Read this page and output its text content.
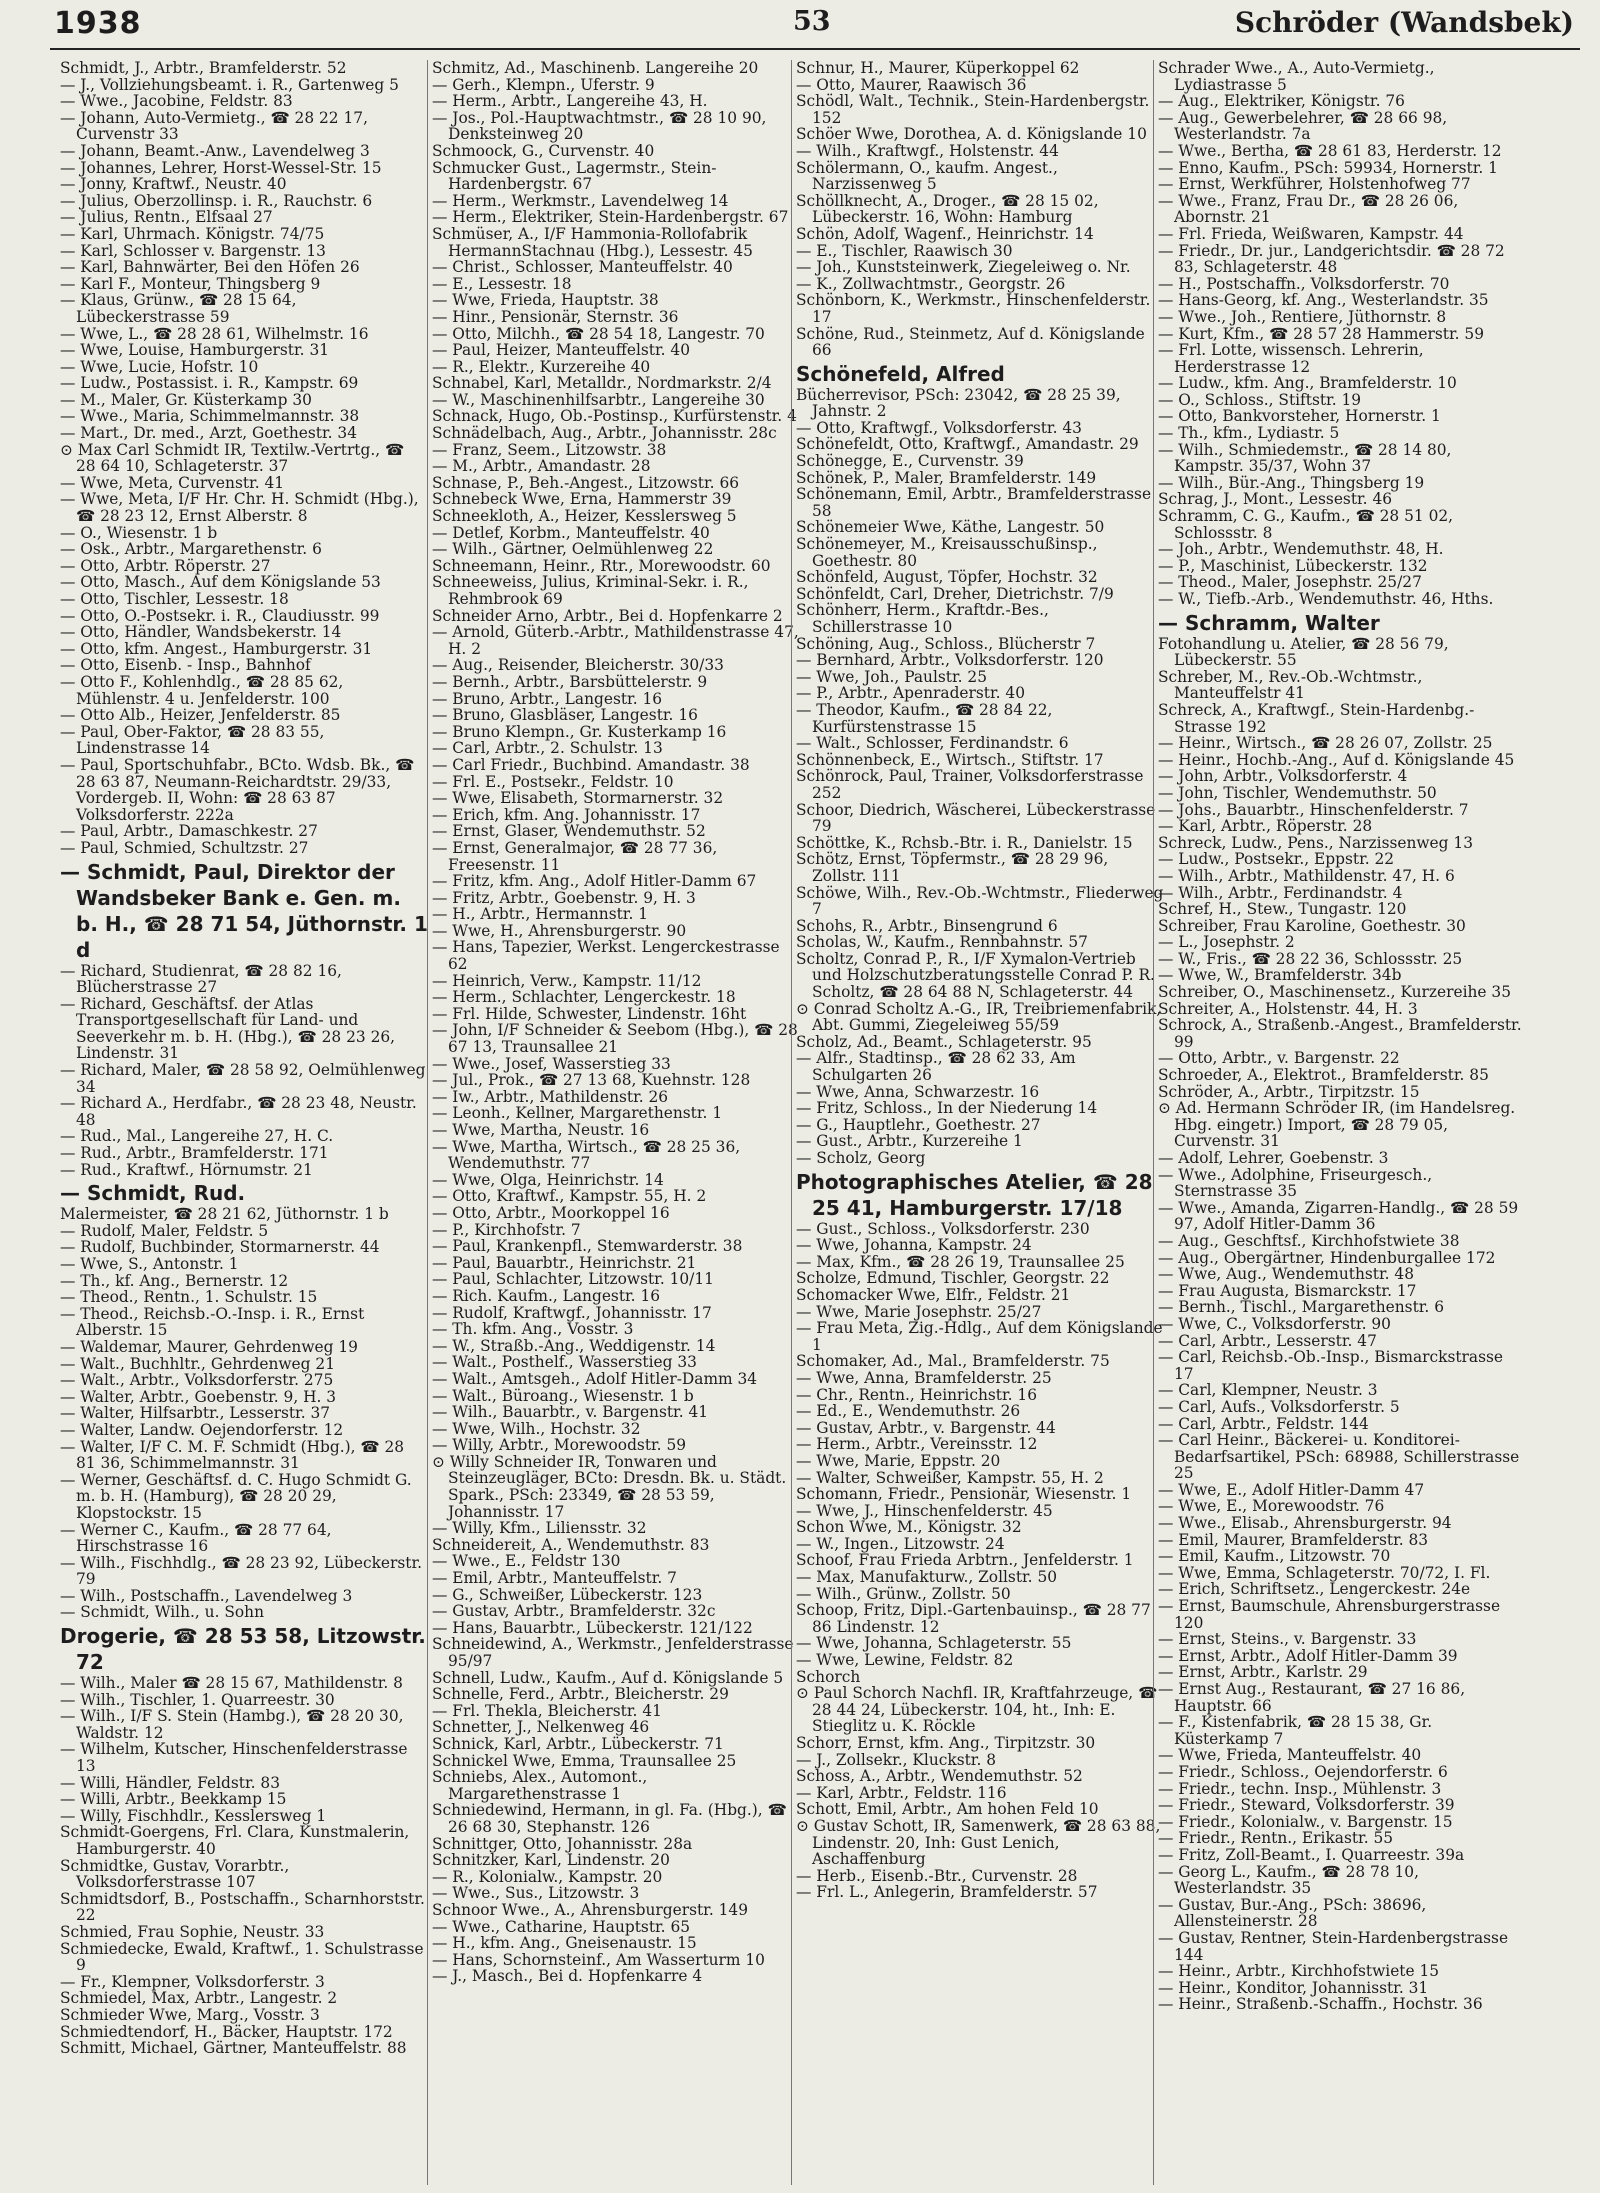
1938	53	Schröder (Wandsbek)
Schmidt, J., Arbtr., Bramfelderstr. 52
— J., Vollziehungsbeamt. i. R., Gartenweg 5
— Wwe., Jacobine, Feldstr. 83
— Johann, Auto-Vermietg., ☎ 28 22 17, Curvenstr 33
— Johann, Beamt.-Anw., Lavendelweg 3
— Johannes, Lehrer, Horst-Wessel-Str. 15
— Jonny, Kraftwf., Neustr. 40
— Julius, Oberzollinsp. i. R., Rauchstr. 6
— Julius, Rentn., Elfsaal 27
— Karl, Uhrmach. Königstr. 74/75
— Karl, Schlosser v. Bargenstr. 13
— Karl, Bahnwärter, Bei den Höfen 26
— Karl F., Monteur, Thingsberg 9
— Klaus, Grünw., ☎ 28 15 64, Lübeckerstrasse 59
— Wwe, L., ☎ 28 28 61, Wilhelmstr. 16
— Wwe, Louise, Hamburgerstr. 31
— Wwe, Lucie, Hofstr. 10
— Ludw., Postassist. i. R., Kampstr. 69
— M., Maler, Gr. Küsterkamp 30
— Wwe., Maria, Schimmelmannstr. 38
— Mart., Dr. med., Arzt, Goethestr. 34
⊙ Max Carl Schmidt IR, Textilw.-Vertrtg., ☎ 28 64 10, Schlageterstr. 37
— Wwe, Meta, Curvenstr. 41
— Wwe, Meta, I/F Hr. Chr. H. Schmidt (Hbg.), ☎ 28 23 12, Ernst Alberstr. 8
— O., Wiesenstr. 1 b
— Osk., Arbtr., Margarethenstr. 6
— Otto, Arbtr. Röperstr. 27
— Otto, Masch., Auf dem Königslande 53
— Otto, Tischler, Lessestr. 18
— Otto, O.-Postsekr. i. R., Claudiusstr. 99
— Otto, Händler, Wandsbekerstr. 14
— Otto, kfm. Angest., Hamburgerstr. 31
— Otto, Eisenb. - Insp., Bahnhof
— Otto F., Kohlenhdlg., ☎ 28 85 62, Mühlenstr. 4 u. Jenfelderstr. 100
— Otto Alb., Heizer, Jenfelderstr. 85
— Paul, Ober-Faktor, ☎ 28 83 55, Lindenstrasse 14
— Paul, Sportschuhfabr., BCto. Wdsb. Bk., ☎ 28 63 87, Neumann-Reichardtstr. 29/33, Vordergeb. II, Wohn: ☎ 28 63 87 Volksdorferstr. 222a
— Paul, Arbtr., Damaschkestr. 27
— Paul, Schmied, Schultzstr. 27
— Schmidt, Paul, Direktor der Wandsbeker Bank e. Gen. m. b. H., ☎ 28 71 54, Jüthornstr. 1 d
— Richard, Studienrat, ☎ 28 82 16, Blücherstrasse 27
— Richard, Geschäftsf. der Atlas Transportgesellschaft für Land- und Seeverkehr m. b. H. (Hbg.), ☎ 28 23 26, Lindenstr. 31
— Richard, Maler, ☎ 28 58 92, Oelmühlenweg 34
— Richard A., Herdfabr., ☎ 28 23 48, Neustr. 48
— Rud., Mal., Langereihe 27, H. C.
— Rud., Arbtr., Bramfelderstr. 171
— Rud., Kraftwf., Hörnumstr. 21
— Schmidt, Rud.
Malermeister, ☎ 28 21 62, Jüthornstr. 1 b
— Rudolf, Maler, Feldstr. 5
— Rudolf, Buchbinder, Stormarnerstr. 44
— Wwe, S., Antonstr. 1
— Th., kf. Ang., Bernerstr. 12
— Theod., Rentn., 1. Schulstr. 15
— Theod., Reichsb.-O.-Insp. i. R., Ernst Alberstr. 15
— Waldemar, Maurer, Gehrdenweg 19
— Walt., Buchhltr., Gehrdenweg 21
— Walt., Arbtr., Volksdorferstr. 275
— Walter, Arbtr., Goebenstr. 9, H. 3
— Walter, Hilfsarbtr., Lesserstr. 37
— Walter, Landw. Oejendorferstr. 12
— Walter, I/F C. M. F. Schmidt (Hbg.), ☎ 28 81 36, Schimmelmannstr. 31
— Werner, Geschäftsf. d. C. Hugo Schmidt G. m. b. H. (Hamburg), ☎ 28 20 29, Klopstockstr. 15
— Werner C., Kaufm., ☎ 28 77 64, Hirschstrasse 16
— Wilh., Fischhdlg., ☎ 28 23 92, Lübeckerstr. 79
— Wilh., Postschaffn., Lavendelweg 3
— Schmidt, Wilh., u. Sohn
Drogerie, ☎ 28 53 58, Litzowstr. 72
— Wilh., Maler ☎ 28 15 67, Mathildenstr. 8
— Wilh., Tischler, 1. Quarreestr. 30
— Wilh., I/F S. Stein (Hambg.), ☎ 28 20 30, Waldstr. 12
— Wilhelm, Kutscher, Hinschenfelderstrasse 13
— Willi, Händler, Feldstr. 83
— Willi, Arbtr., Beekkamp 15
— Willy, Fischhdlr., Kesslersweg 1
Schmidt-Goergens, Frl. Clara, Kunstmalerin, Hamburgerstr. 40
Schmidtke, Gustav, Vorarbtr., Volksdorferstrasse 107
Schmidtsdorf, B., Postschaffn., Scharnhorststr. 22
Schmied, Frau Sophie, Neustr. 33
Schmiedecke, Ewald, Kraftwf., 1. Schulstrasse 9
— Fr., Klempner, Volksdorferstr. 3
Schmiedel, Max, Arbtr., Langestr. 2
Schmieder Wwe, Marg., Vosstr. 3
Schmiedtendorf, H., Bäcker, Hauptstr. 172
Schmitt, Michael, Gärtner, Manteuffelstr. 88
Schmitz, Ad., Maschinenb. Langereihe 20
— Gerh., Klempn., Uferstr. 9
— Herm., Arbtr., Langereihe 43, H.
— Jos., Pol.-Hauptwachtmstr., ☎ 28 10 90, Denksteinweg 20
Schmoock, G., Curvenstr. 40
Schmucker Gust., Lagermstr., Stein-Hardenbergstr. 67
— Herm., Werkmstr., Lavendelweg 14
— Herm., Elektriker, Stein-Hardenbergstr. 67
Schmüser, A., I/F Hammonia-Rollofabrik HermannStachnau (Hbg.), Lessestr. 45
— Christ., Schlosser, Manteuffelstr. 40
— E., Lessestr. 18
— Wwe, Frieda, Hauptstr. 38
— Hinr., Pensionär, Sternstr. 36
— Otto, Milchh., ☎ 28 54 18, Langestr. 70
— Paul, Heizer, Manteuffelstr. 40
— R., Elektr., Kurzereihe 40
Schnabel, Karl, Metalldr., Nordmarkstr. 2/4
— W., Maschinenhilfsarbtr., Langereihe 30
Schnack, Hugo, Ob.-Postinsp., Kurfürstenstr. 4
Schnädelbach, Aug., Arbtr., Johannisstr. 28c
— Franz, Seem., Litzowstr. 38
— M., Arbtr., Amandastr. 28
Schnase, P., Beh.-Angest., Litzowstr. 66
Schnebeck Wwe, Erna, Hammerstr 39
Schneekloth, A., Heizer, Kesslersweg 5
— Detlef, Korbm., Manteuffelstr. 40
— Wilh., Gärtner, Oelmühlenweg 22
Schneemann, Heinr., Rtr., Morewoodstr. 60
Schneeweiss, Julius, Kriminal-Sekr. i. R., Rehmbrook 69
Schneider Arno, Arbtr., Bei d. Hopfenkarre 2
— Arnold, Güterb.-Arbtr., Mathildenstrasse 47, H. 2
— Aug., Reisender, Bleicherstr. 30/33
— Bernh., Arbtr., Barsbüttelerstr. 9
— Bruno, Arbtr., Langestr. 16
— Bruno, Glasbläser, Langestr. 16
— Bruno Klempn., Gr. Kusterkamp 16
— Carl, Arbtr., 2. Schulstr. 13
— Carl Friedr., Buchbind. Amandastr. 38
— Frl. E., Postsekr., Feldstr. 10
— Wwe, Elisabeth, Stormarnerstr. 32
— Erich, kfm. Ang. Johannisstr. 17
— Ernst, Glaser, Wendemuthstr. 52
— Ernst, Generalmajor, ☎ 28 77 36, Freesenstr. 11
— Fritz, kfm. Ang., Adolf Hitler-Damm 67
— Fritz, Arbtr., Goebenstr. 9, H. 3
— H., Arbtr., Hermannstr. 1
— Wwe, H., Ahrensburgerstr. 90
— Hans, Tapezier, Werkst. Lengerckestrasse 62
— Heinrich, Verw., Kampstr. 11/12
— Herm., Schlachter, Lengerckestr. 18
— Frl. Hilde, Schwester, Lindenstr. 16ht
— John, I/F Schneider & Seebom (Hbg.), ☎ 28 67 13, Traunsallee 21
— Wwe., Josef, Wasserstieg 33
— Jul., Prok., ☎ 27 13 68, Kuehnstr. 128
— Iw., Arbtr., Mathildenstr. 26
— Leonh., Kellner, Margarethenstr. 1
— Wwe, Martha, Neustr. 16
— Wwe, Martha, Wirtsch., ☎ 28 25 36, Wendemuthstr. 77
— Wwe, Olga, Heinrichstr. 14
— Otto, Kraftwf., Kampstr. 55, H. 2
— Otto, Arbtr., Moorkoppel 16
— P., Kirchhofstr. 7
— Paul, Krankenpfl., Stemwarderstr. 38
— Paul, Bauarbtr., Heinrichstr. 21
— Paul, Schlachter, Litzowstr. 10/11
— Rich. Kaufm., Langestr. 16
— Rudolf, Kraftwgf., Johannisstr. 17
— Th. kfm. Ang., Vosstr. 3
— W., Straßb.-Ang., Weddigenstr. 14
— Walt., Posthelf., Wasserstieg 33
— Walt., Amtsgeh., Adolf Hitler-Damm 34
— Walt., Büroang., Wiesenstr. 1 b
— Wilh., Bauarbtr., v. Bargenstr. 41
— Wwe, Wilh., Hochstr. 32
— Willy, Arbtr., Morewoodstr. 59
⊙ Willy Schneider IR, Tonwaren und Steinzeugläger, BCto: Dresdn. Bk. u. Städt. Spark., PSch: 23349, ☎ 28 53 59, Johannisstr. 17
— Willy, Kfm., Liliensstr. 32
Schneidereit, A., Wendemuthstr. 83
— Wwe., E., Feldstr 130
— Emil, Arbtr., Manteuffelstr. 7
— G., Schweißer, Lübeckerstr. 123
— Gustav, Arbtr., Bramfelderstr. 32c
— Hans, Bauarbtr., Lübeckerstr. 121/122
Schneidewind, A., Werkmstr., Jenfelderstrasse 95/97
Schnell, Ludw., Kaufm., Auf d. Königslande 5
Schnelle, Ferd., Arbtr., Bleicherstr. 29
— Frl. Thekla, Bleicherstr. 41
Schnetter, J., Nelkenweg 46
Schnick, Karl, Arbtr., Lübeckerstr. 71
Schnickel Wwe, Emma, Traunsallee 25
Schniebs, Alex., Automont., Margarethenstrasse 1
Schniedewind, Hermann, in gl. Fa. (Hbg.), ☎ 26 68 30, Stephanstr. 126
Schnittger, Otto, Johannisstr. 28a
Schnitzker, Karl, Lindenstr. 20
— R., Kolonialw., Kampstr. 20
— Wwe., Sus., Litzowstr. 3
Schnoor Wwe., A., Ahrensburgerstr. 149
— Wwe., Catharine, Hauptstr. 65
— H., kfm. Ang., Gneisenaustr. 15
— Hans, Schornsteinf., Am Wasserturm 10
— J., Masch., Bei d. Hopfenkarre 4
Schnur, H., Maurer, Küperkoppel 62
— Otto, Maurer, Raawisch 36
Schödl, Walt., Technik., Stein-Hardenbergstr. 152
Schöer Wwe, Dorothea, A. d. Königslande 10
— Wilh., Kraftwgf., Holstenstr. 44
Schölermann, O., kaufm. Angest., Narzissenweg 5
Schöllknecht, A., Droger., ☎ 28 15 02, Lübeckerstr. 16, Wohn: Hamburg
Schön, Adolf, Wagenf., Heinrichstr. 14
— E., Tischler, Raawisch 30
— Joh., Kunststeinwerk, Ziegeleiweg o. Nr.
— K., Zollwachtmstr., Georgstr. 26
Schönborn, K., Werkmstr., Hinschenfelderstr. 17
Schöne, Rud., Steinmetz, Auf d. Königslande 66
Schönefeld, Alfred
Bücherrevisor, PSch: 23042, ☎ 28 25 39, Jahnstr. 2
— Otto, Kraftwgf., Volksdorferstr. 43
Schönefeldt, Otto, Kraftwgf., Amandastr. 29
Schönegge, E., Curvenstr. 39
Schönek, P., Maler, Bramfelderstr. 149
Schönemann, Emil, Arbtr., Bramfelderstrasse 58
Schönemeier Wwe, Käthe, Langestr. 50
Schönemeyer, M., Kreisausschußinsp., Goethestr. 80
Schönfeld, August, Töpfer, Hochstr. 32
Schönfeldt, Carl, Dreher, Dietrichstr. 7/9
Schönherr, Herm., Kraftdr.-Bes., Schillerstrasse 10
Schöning, Aug., Schloss., Blücherstr 7
— Bernhard, Arbtr., Volksdorferstr. 120
— Wwe, Joh., Paulstr. 25
— P., Arbtr., Apenraderstr. 40
— Theodor, Kaufm., ☎ 28 84 22, Kurfürstenstrasse 15
— Walt., Schlosser, Ferdinandstr. 6
Schönnenbeck, E., Wirtsch., Stiftstr. 17
Schönrock, Paul, Trainer, Volksdorferstrasse 252
Schoor, Diedrich, Wäscherei, Lübeckerstrasse 79
Schöttke, K., Rchsb.-Btr. i. R., Danielstr. 15
Schötz, Ernst, Töpfermstr., ☎ 28 29 96, Zollstr. 111
Schöwe, Wilh., Rev.-Ob.-Wchtmstr., Fliederweg 7
Schohs, R., Arbtr., Binsengrund 6
Scholas, W., Kaufm., Rennbahnstr. 57
Scholtz, Conrad P., R., I/F Xymalon-Vertrieb und Holzschutzberatungsstelle Conrad P. R. Scholtz, ☎ 28 64 88 N, Schlageterstr. 44
⊙ Conrad Scholtz A.-G., IR, Treibriemenfabrik, Abt. Gummi, Ziegeleiweg 55/59
Scholz, Ad., Beamt., Schlageterstr. 95
— Alfr., Stadtinsp., ☎ 28 62 33, Am Schulgarten 26
— Wwe, Anna, Schwarzestr. 16
— Fritz, Schloss., In der Niederung 14
— G., Hauptlehr., Goethestr. 27
— Gust., Arbtr., Kurzereihe 1
— Scholz, Georg
Photographisches Atelier, ☎ 28 25 41, Hamburgerstr. 17/18
— Gust., Schloss., Volksdorferstr. 230
— Wwe, Johanna, Kampstr. 24
— Max, Kfm., ☎ 28 26 19, Traunsallee 25
Scholze, Edmund, Tischler, Georgstr. 22
Schomacker Wwe, Elfr., Feldstr. 21
— Wwe, Marie Josephstr. 25/27
— Frau Meta, Zig.-Hdlg., Auf dem Königslande 1
Schomaker, Ad., Mal., Bramfelderstr. 75
— Wwe, Anna, Bramfelderstr. 25
— Chr., Rentn., Heinrichstr. 16
— Ed., E., Wendemuthstr. 26
— Gustav, Arbtr., v. Bargenstr. 44
— Herm., Arbtr., Vereinsstr. 12
— Wwe, Marie, Eppstr. 20
— Walter, Schweißer, Kampstr. 55, H. 2
Schomann, Friedr., Pensionär, Wiesenstr. 1
— Wwe, J., Hinschenfelderstr. 45
Schon Wwe, M., Königstr. 32
— W., Ingen., Litzowstr. 24
Schoof, Frau Frieda Arbtrn., Jenfelderstr. 1
— Max, Manufakturw., Zollstr. 50
— Wilh., Grünw., Zollstr. 50
Schoop, Fritz, Dipl.-Gartenbauinsp., ☎ 28 77 86 Lindenstr. 12
— Wwe, Johanna, Schlageterstr. 55
— Wwe, Lewine, Feldstr. 82
Schorch
⊙ Paul Schorch Nachfl. IR, Kraftfahrzeuge, ☎ 28 44 24, Lübeckerstr. 104, ht., Inh: E. Stieglitz u. K. Röckle
Schorr, Ernst, kfm. Ang., Tirpitzstr. 30
— J., Zollsekr., Kluckstr. 8
Schoss, A., Arbtr., Wendemuthstr. 52
— Karl, Arbtr., Feldstr. 116
Schott, Emil, Arbtr., Am hohen Feld 10
⊙ Gustav Schott, IR, Samenwerk, ☎ 28 63 88, Lindenstr. 20, Inh: Gust Lenich, Aschaffenburg
— Herb., Eisenb.-Btr., Curvenstr. 28
— Frl. L., Anlegerin, Bramfelderstr. 57
Schrader Wwe., A., Auto-Vermietg., Lydiastrasse 5
— Aug., Elektriker, Königstr. 76
— Aug., Gewerbelehrer, ☎ 28 66 98, Westerlandstr. 7a
— Wwe., Bertha, ☎ 28 61 83, Herderstr. 12
— Enno, Kaufm., PSch: 59934, Hornerstr. 1
— Ernst, Werkführer, Holstenhofweg 77
— Wwe., Franz, Frau Dr., ☎ 28 26 06, Abornstr. 21
— Frl. Frieda, Weißwaren, Kampstr. 44
— Friedr., Dr. jur., Landgerichtsdir. ☎ 28 72 83, Schlageterstr. 48
— H., Postschaffn., Volksdorferstr. 70
— Hans-Georg, kf. Ang., Westerlandstr. 35
— Wwe., Joh., Rentiere, Jüthornstr. 8
— Kurt, Kfm., ☎ 28 57 28 Hammerstr. 59
— Frl. Lotte, wissensch. Lehrerin, Herderstrasse 12
— Ludw., kfm. Ang., Bramfelderstr. 10
— O., Schloss., Stiftstr. 19
— Otto, Bankvorsteher, Hornerstr. 1
— Th., kfm., Lydiastr. 5
— Wilh., Schmiedemstr., ☎ 28 14 80, Kampstr. 35/37, Wohn 37
— Wilh., Bür.-Ang., Thingsberg 19
Schrag, J., Mont., Lessestr. 46
Schramm, C. G., Kaufm., ☎ 28 51 02, Schlossstr. 8
— Joh., Arbtr., Wendemuthstr. 48, H.
— P., Maschinist, Lübeckerstr. 132
— Theod., Maler, Josephstr. 25/27
— W., Tiefb.-Arb., Wendemuthstr. 46, Hths.
— Schramm, Walter
Fotohandlung u. Atelier, ☎ 28 56 79, Lübeckerstr. 55
Schreber, M., Rev.-Ob.-Wchtmstr., Manteuffelstr 41
Schreck, A., Kraftwgf., Stein-Hardenbg.-Strasse 192
— Heinr., Wirtsch., ☎ 28 26 07, Zollstr. 25
— Heinr., Hochb.-Ang., Auf d. Königslande 45
— John, Arbtr., Volksdorferstr. 4
— John, Tischler, Wendemuthstr. 50
— Johs., Bauarbtr., Hinschenfelderstr. 7
— Karl, Arbtr., Röperstr. 28
Schreck, Ludw., Pens., Narzissenweg 13
— Ludw., Postsekr., Eppstr. 22
— Wilh., Arbtr., Mathildenstr. 47, H. 6
— Wilh., Arbtr., Ferdinandstr. 4
Schref, H., Stew., Tungastr. 120
Schreiber, Frau Karoline, Goethestr. 30
— L., Josephstr. 2
— W., Fris., ☎ 28 22 36, Schlossstr. 25
— Wwe, W., Bramfelderstr. 34b
Schreiber, O., Maschinensetz., Kurzereihe 35
Schreiter, A., Holstenstr. 44, H. 3
Schrock, A., Straßenb.-Angest., Bramfelderstr. 99
— Otto, Arbtr., v. Bargenstr. 22
Schroeder, A., Elektrot., Bramfelderstr. 85
Schröder, A., Arbtr., Tirpitzstr. 15
⊙ Ad. Hermann Schröder IR, (im Handelsreg. Hbg. eingetr.) Import, ☎ 28 79 05, Curvenstr. 31
— Adolf, Lehrer, Goebenstr. 3
— Wwe., Adolphine, Friseurgesch., Sternstrasse 35
— Wwe., Amanda, Zigarren-Handlg., ☎ 28 59 97, Adolf Hitler-Damm 36
— Aug., Geschftsf., Kirchhofstwiete 38
— Aug., Obergärtner, Hindenburgallee 172
— Wwe, Aug., Wendemuthstr. 48
— Frau Augusta, Bismarckstr. 17
— Bernh., Tischl., Margarethenstr. 6
— Wwe, C., Volksdorferstr. 90
— Carl, Arbtr., Lesserstr. 47
— Carl, Reichsb.-Ob.-Insp., Bismarckstrasse 17
— Carl, Klempner, Neustr. 3
— Carl, Aufs., Volksdorferstr. 5
— Carl, Arbtr., Feldstr. 144
— Carl Heinr., Bäckerei- u. Konditorei-Bedarfsartikel, PSch: 68988, Schillerstrasse 25
— Wwe, E., Adolf Hitler-Damm 47
— Wwe, E., Morewoodstr. 76
— Wwe., Elisab., Ahrensburgerstr. 94
— Emil, Maurer, Bramfelderstr. 83
— Emil, Kaufm., Litzowstr. 70
— Wwe, Emma, Schlageterstr. 70/72, I. Fl.
— Erich, Schriftsetz., Lengerckestr. 24e
— Ernst, Baumschule, Ahrensburgerstrasse 120
— Ernst, Steins., v. Bargenstr. 33
— Ernst, Arbtr., Adolf Hitler-Damm 39
— Ernst, Arbtr., Karlstr. 29
— Ernst Aug., Restaurant, ☎ 27 16 86, Hauptstr. 66
— F., Kistenfabrik, ☎ 28 15 38, Gr. Küsterkamp 7
— Wwe, Frieda, Manteuffelstr. 40
— Friedr., Schloss., Oejendorferstr. 6
— Friedr., techn. Insp., Mühlenstr. 3
— Friedr., Steward, Volksdorferstr. 39
— Friedr., Kolonialw., v. Bargenstr. 15
— Friedr., Rentn., Erikastr. 55
— Fritz, Zoll-Beamt., I. Quarreestr. 39a
— Georg L., Kaufm., ☎ 28 78 10, Westerlandstr. 35
— Gustav, Bur.-Ang., PSch: 38696, Allensteinerstr. 28
— Gustav, Rentner, Stein-Hardenbergstrasse 144
— Heinr., Arbtr., Kirchhofstwiete 15
— Heinr., Konditor, Johannisstr. 31
— Heinr., Straßenb.-Schaffn., Hochstr. 36
